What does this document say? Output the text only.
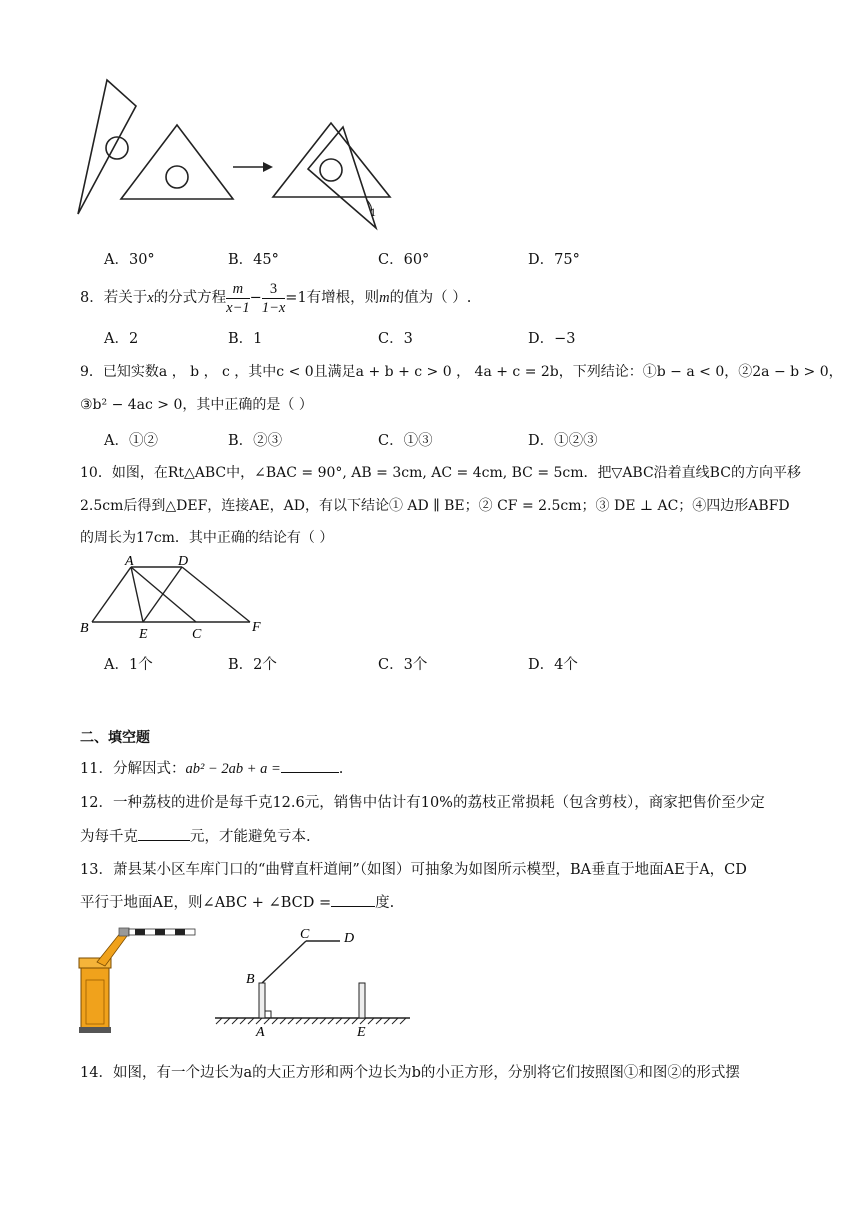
1
A．30°	B．45°	C．60°	D．75°
8．若关于x的分式方程 $\frac{m}{x-1} - \frac{3}{1-x} =1$有增根，则m的值为（ ）.
A．2	B．1	C．3	D．−3
9．已知实数a ， b ， c ，其中c < 0且满足a + b + c > 0 ， 4a + c = 2b，下列结论：①b − a < 0，②2a − b > 0，
③b² − 4ac > 0，其中正确的是（ ）
A．①②	B．②③	C．①③	D．①②③
10．如图，在Rt△ABC中，∠BAC = 90°, AB = 3cm, AC = 4cm, BC = 5cm．把▽ABC沿着直线BC的方向平移
2.5cm后得到△DEF，连接AE，AD，有以下结论① AD ∥ BE；② CF = 2.5cm；③ DE ⊥ AC；④四边形ABFD
的周长为17cm．其中正确的结论有（ ）
A	D
B	E	C	F
A．1个	B．2个	C．3个	D．4个
二、填空题
11．分解因式：ab² − 2ab + a =	.
12．一种荔枝的进价是每千克12.6元，销售中估计有10%的荔枝正常损耗（包含剪枝），商家把售价至少定
为每千克	元，才能避免亏本.
13．萧县某小区车库门口的“曲臂直杆道闸”（如图）可抽象为如图所示模型，BA垂直于地面AE于A，CD
平行于地面AE，则∠ABC + ∠BCD =	度.
C D
B
A	E
14．如图，有一个边长为a的大正方形和两个边长为b的小正方形，分别将它们按照图①和图②的形式摆
